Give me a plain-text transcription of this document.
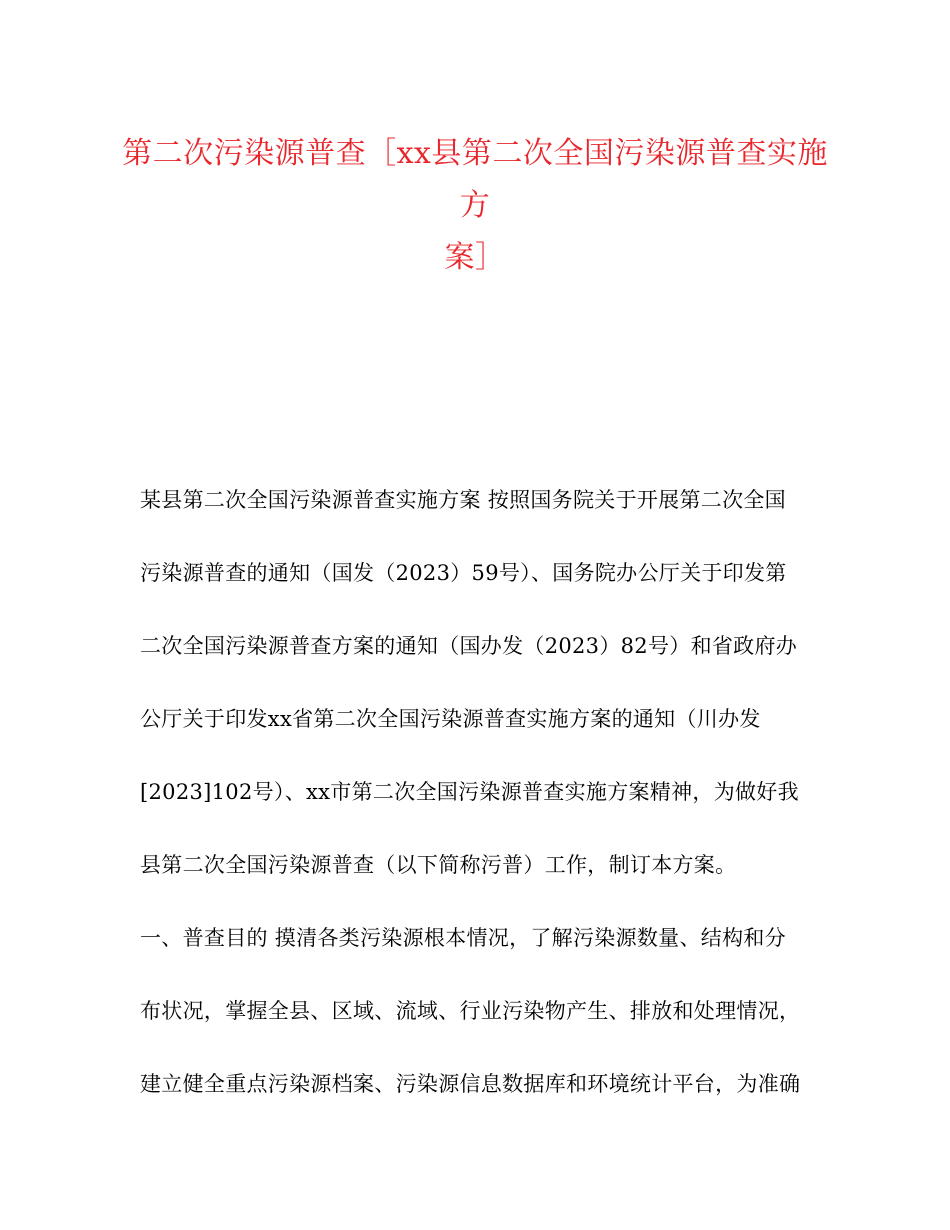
第二次污染源普查［xx县第二次全国污染源普查实施方
案］
某县第二次全国污染源普查实施方案 按照国务院关于开展第二次全国
污染源普查的通知（国发（2023）59号）、国务院办公厅关于印发第
二次全国污染源普查方案的通知（国办发（2023）82号）和省政府办
公厅关于印发xx省第二次全国污染源普查实施方案的通知（川办发
[2023]102号）、xx市第二次全国污染源普查实施方案精神，为做好我
县第二次全国污染源普查（以下简称污普）工作，制订本方案。
一、普查目的 摸清各类污染源根本情况，了解污染源数量、结构和分
布状况，掌握全县、区域、流域、行业污染物产生、排放和处理情况，
建立健全重点污染源档案、污染源信息数据库和环境统计平台，为准确
